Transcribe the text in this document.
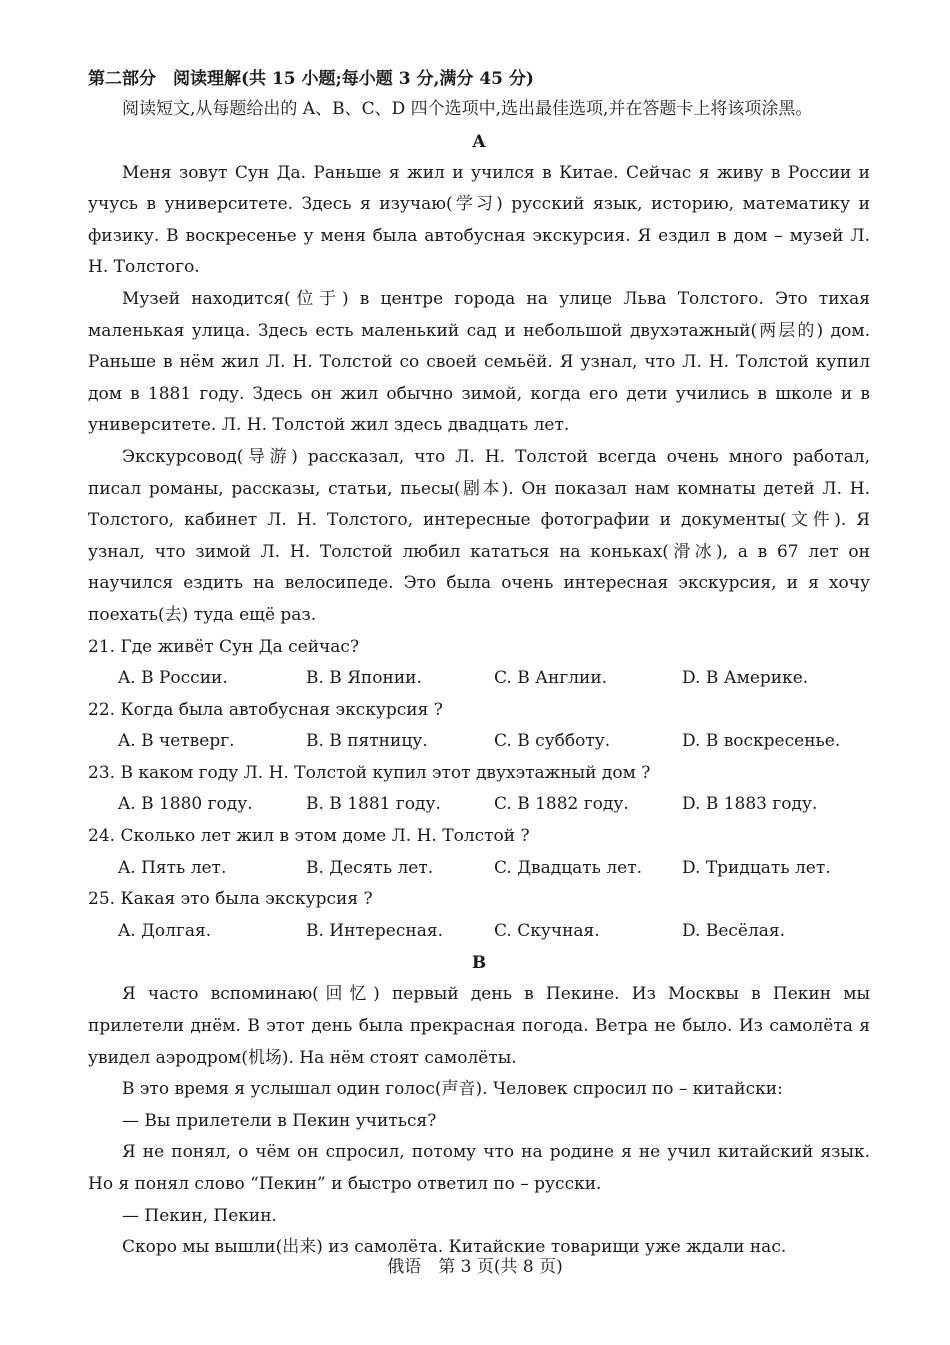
第二部分　阅读理解(共 15 小题;每小题 3 分,满分 45 分)

阅读短文,从每题给出的 A、B、C、D 四个选项中,选出最佳选项,并在答题卡上将该项涂黑。

A

Меня зовут Сун Да. Раньше я жил и учился в Китае. Сейчас я живу в России и учусь в университете. Здесь я изучаю(学习) русский язык, историю, математику и физику. В воскресенье у меня была автобусная экскурсия. Я ездил в дом – музей Л. Н. Толстого.

Музей находится(位于) в центре города на улице Льва Толстого. Это тихая маленькая улица. Здесь есть маленький сад и небольшой двухэтажный(两层的) дом. Раньше в нём жил Л. Н. Толстой со своей семьёй. Я узнал, что Л. Н. Толстой купил дом в 1881 году. Здесь он жил обычно зимой, когда его дети учились в школе и в университете. Л. Н. Толстой жил здесь двадцать лет.

Экскурсовод(导游) рассказал, что Л. Н. Толстой всегда очень много работал, писал романы, рассказы, статьи, пьесы(剧本). Он показал нам комнаты детей Л. Н. Толстого, кабинет Л. Н. Толстого, интересные фотографии и документы(文件). Я узнал, что зимой Л. Н. Толстой любил кататься на коньках(滑冰), а в 67 лет он научился ездить на велосипеде. Это была очень интересная экскурсия, и я хочу поехать(去) туда ещё раз.

21. Где живёт Сун Да сейчас?

A. В России.	B. В Японии.	C. В Англии.	D. В Америке.

22. Когда была автобусная экскурсия ?

A. В четверг.	B. В пятницу.	C. В субботу.	D. В воскресенье.

23. В каком году Л. Н. Толстой купил этот двухэтажный дом ?

A. В 1880 году.	B. В 1881 году.	C. В 1882 году.	D. В 1883 году.

24. Сколько лет жил в этом доме Л. Н. Толстой ?

A. Пять лет.	B. Десять лет.	C. Двадцать лет.	D. Тридцать лет.

25. Какая это была экскурсия ?

A. Долгая.	B. Интересная.	C. Скучная.	D. Весёлая.

B

Я часто вспоминаю(回忆) первый день в Пекине. Из Москвы в Пекин мы прилетели днём. В этот день была прекрасная погода. Ветра не было. Из самолёта я увидел аэродром(机场). На нём стоят самолёты.

В это время я услышал один голос(声音). Человек спросил по – китайски:

— Вы прилетели в Пекин учиться?

Я не понял, о чём он спросил, потому что на родине я не учил китайский язык. Но я понял слово “Пекин” и быстро ответил по – русски.

— Пекин, Пекин.

Скоро мы вышли(出来) из самолёта. Китайские товарищи уже ждали нас.

俄语　第 3 页(共 8 页)
